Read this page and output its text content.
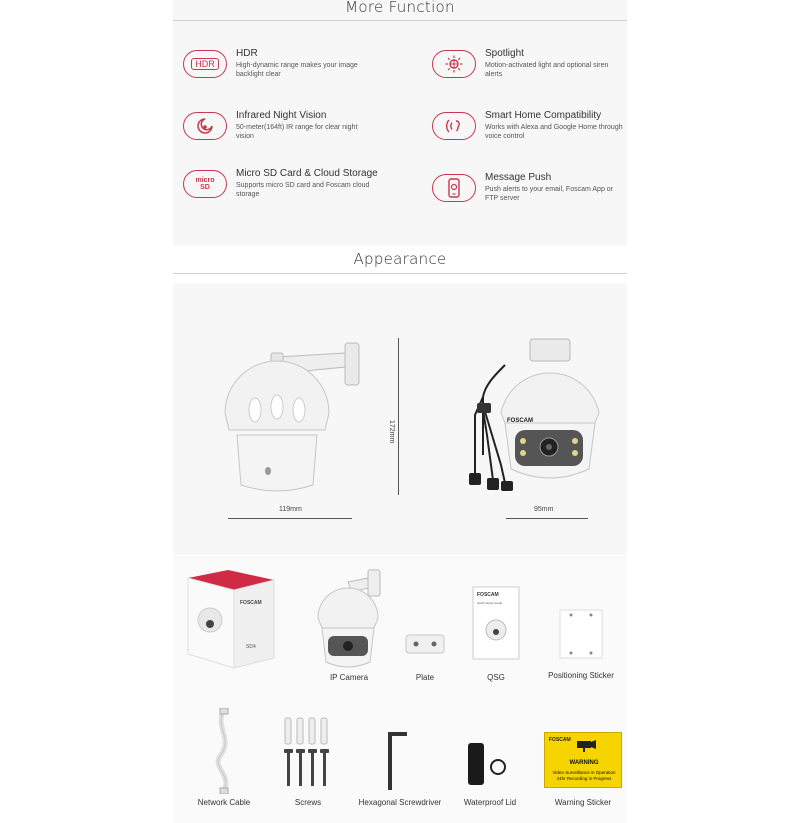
More Function
HDR
HDR
High-dynamic range makes your image backlight clear
Spotlight
Motion-activated light and optional siren alerts
Infrared Night Vision
50-meter(164ft) IR range for clear night vision
Smart Home Compatibility
Works with Alexa and Google Home through voice control
micro SD
Micro SD Card & Cloud Storage
Supports micro SD card and Foscam cloud storage
Message Push
Push alerts to your email, Foscam App or FTP server
Appearance
172mm
119mm
FOSCAM
95mm
FOSCAM
SD4
FOSCAM
Quick Setup Guide
IP Camera	Plate	QSG	Positioning Sticker
FOSCAM
WARNING
Video Surveillance in Operation 24hr Recording in Progress
Network Cable	Screws	Hexagonal Screwdriver	Waterproof Lid	Warning Sticker
